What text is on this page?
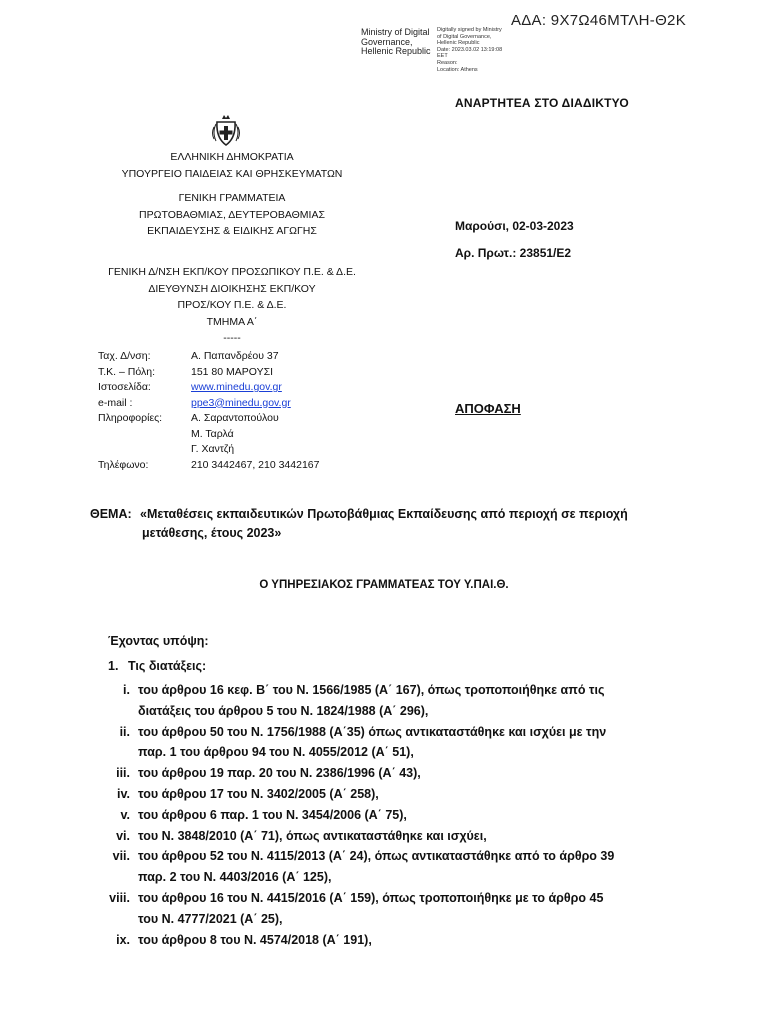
ΑΔΑ: 9Χ7Ω46ΜΤΛΗ-Θ2Κ
Ministry of Digital
Governance,
Hellenic Republic
Digitally signed by Ministry
of Digital Governance,
Hellenic Republic
Date: 2023.03.02 13:19:08
EET
Reason:
Location: Athens
ΑΝΑΡΤΗΤΕΑ ΣΤΟ ΔΙΑΔΙΚΤΥΟ
ΕΛΛΗΝΙΚΗ ΔΗΜΟΚΡΑΤΙΑ
ΥΠΟΥΡΓΕΙΟ ΠΑΙΔΕΙΑΣ ΚΑΙ ΘΡΗΣΚΕΥΜΑΤΩΝ
ΓΕΝΙΚΗ ΓΡΑΜΜΑΤΕΙΑ
ΠΡΩΤΟΒΑΘΜΙΑΣ, ΔΕΥΤΕΡΟΒΑΘΜΙΑΣ
ΕΚΠΑΙΔΕΥΣΗΣ & ΕΙΔΙΚΗΣ ΑΓΩΓΗΣ
ΓΕΝΙΚΗ Δ/ΝΣΗ ΕΚΠ/ΚΟΥ ΠΡΟΣΩΠΙΚΟΥ Π.Ε. & Δ.Ε.
ΔΙΕΥΘΥΝΣΗ ΔΙΟΙΚΗΣΗΣ ΕΚΠ/ΚΟΥ
ΠΡΟΣ/ΚΟΥ Π.Ε. & Δ.Ε.
ΤΜΗΜΑ Α΄
-----
Ταχ. Δ/νση:	Α. Παπανδρέου 37
Τ.Κ. – Πόλη:	151 80 ΜΑΡΟΥΣΙ
Ιστοσελίδα:	www.minedu.gov.gr
e-mail :	ppe3@minedu.gov.gr
Πληροφορίες:	Α. Σαραντοπούλου
Μ. Ταρλά
Γ. Χαντζή
Τηλέφωνο:	210 3442467, 210 3442167
Μαρούσι, 02-03-2023
Αρ. Πρωτ.: 23851/Ε2
ΑΠΟΦΑΣΗ
ΘΕΜΑ: «Μεταθέσεις εκπαιδευτικών Πρωτοβάθμιας Εκπαίδευσης από περιοχή σε περιοχή
μετάθεσης, έτους 2023»
Ο ΥΠΗΡΕΣΙΑΚΟΣ ΓΡΑΜΜΑΤΕΑΣ ΤΟΥ Υ.ΠΑΙ.Θ.
Έχοντας υπόψη:
1. Τις διατάξεις:
i. του άρθρου 16 κεφ. Β΄ του Ν. 1566/1985 (Α΄ 167), όπως τροποποιήθηκε από τις
διατάξεις του άρθρου 5 του Ν. 1824/1988 (Α΄ 296),
ii. του άρθρου 50 του Ν. 1756/1988 (Α΄35) όπως αντικαταστάθηκε και ισχύει με την
παρ. 1 του άρθρου 94 του Ν. 4055/2012 (Α΄ 51),
iii. του άρθρου 19 παρ. 20 του Ν. 2386/1996 (Α΄ 43),
iv. του άρθρου 17 του Ν. 3402/2005 (Α΄ 258),
v. του άρθρου 6 παρ. 1 του Ν. 3454/2006 (Α΄ 75),
vi. του Ν. 3848/2010 (Α΄ 71), όπως αντικαταστάθηκε και ισχύει,
vii. του άρθρου 52 του Ν. 4115/2013 (Α΄ 24), όπως αντικαταστάθηκε από το άρθρο 39
παρ. 2 του Ν. 4403/2016 (Α΄ 125),
viii. του άρθρου 16 του Ν. 4415/2016 (Α΄ 159), όπως τροποποιήθηκε με το άρθρο 45
του Ν. 4777/2021 (Α΄ 25),
ix. του άρθρου 8 του Ν. 4574/2018 (Α΄ 191),
